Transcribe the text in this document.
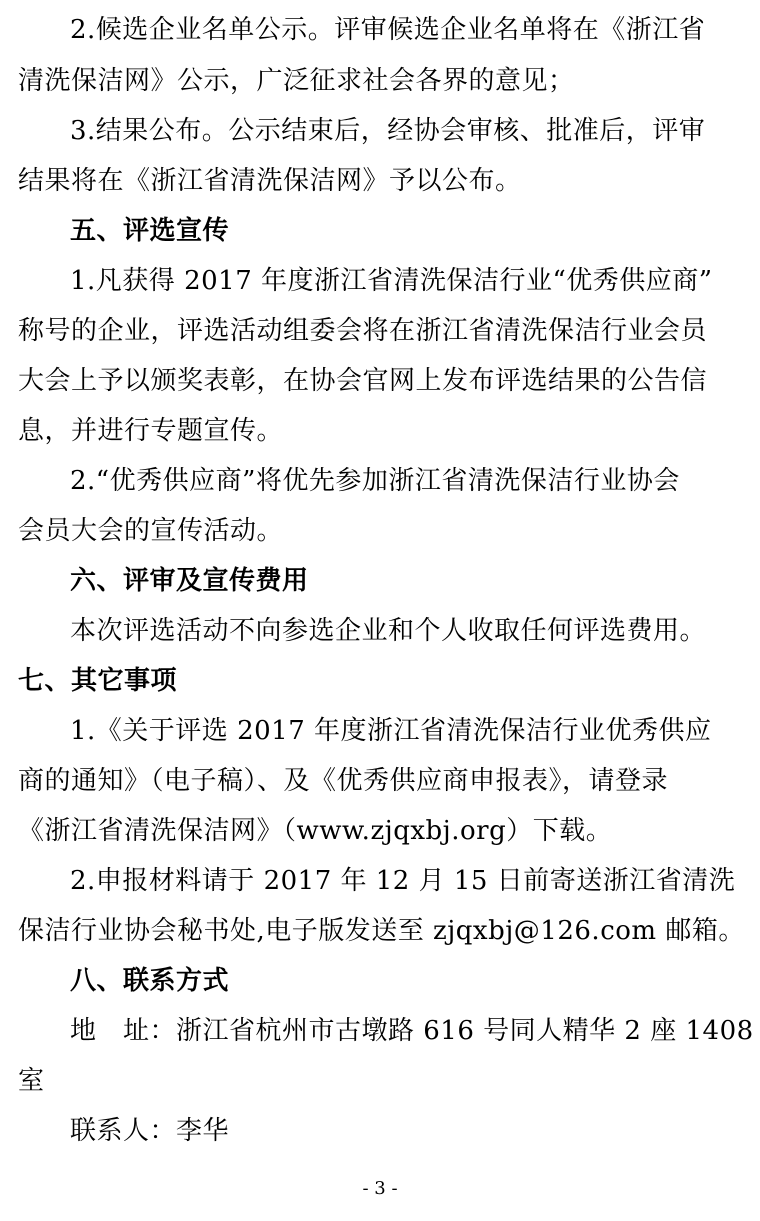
2.候选企业名单公示。评审候选企业名单将在《浙江省
清洗保洁网》公示，广泛征求社会各界的意见；
3.结果公布。公示结束后，经协会审核、批准后，评审
结果将在《浙江省清洗保洁网》予以公布。
五、评选宣传
1.凡获得 2017 年度浙江省清洗保洁行业“优秀供应商”
称号的企业，评选活动组委会将在浙江省清洗保洁行业会员
大会上予以颁奖表彰，在协会官网上发布评选结果的公告信
息，并进行专题宣传。
2.“优秀供应商”将优先参加浙江省清洗保洁行业协会
会员大会的宣传活动。
六、评审及宣传费用
本次评选活动不向参选企业和个人收取任何评选费用。
七、其它事项
1.《关于评选 2017 年度浙江省清洗保洁行业优秀供应
商的通知》（电子稿）、及《优秀供应商申报表》，请登录
《浙江省清洗保洁网》（www.zjqxbj.org）下载。
2.申报材料请于 2017 年 12 月 15 日前寄送浙江省清洗
保洁行业协会秘书处,电子版发送至 zjqxbj@126.com 邮箱。
八、联系方式
地　址：浙江省杭州市古墩路 616 号同人精华 2 座 1408
室
联系人：李华
- 3 -
